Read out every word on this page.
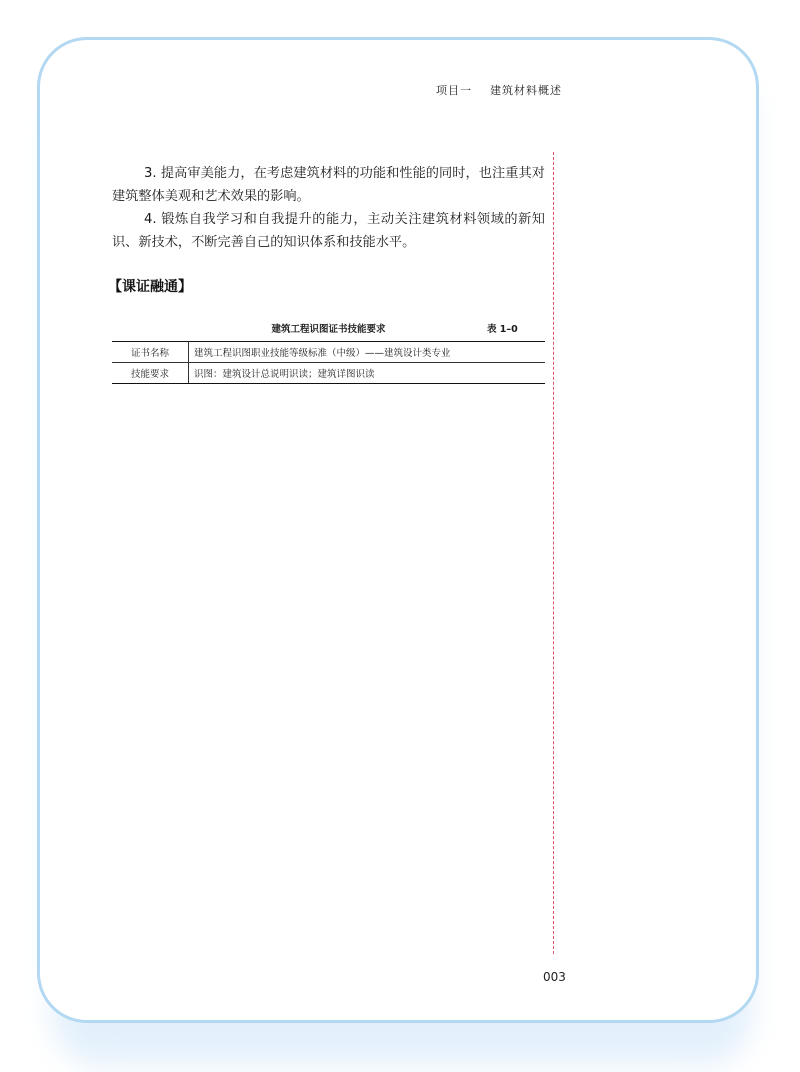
项目一    建筑材料概述

3. 提高审美能力，在考虑建筑材料的功能和性能的同时，也注重其对建筑整体美观和艺术效果的影响。

4. 锻炼自我学习和自我提升的能力，主动关注建筑材料领域的新知识、新技术，不断完善自己的知识体系和技能水平。

【课证融通】
建筑工程识图证书技能要求	表 1–0
证书名称	建筑工程识图职业技能等级标准（中级）——建筑设计类专业
技能要求	识图：建筑设计总说明识读；建筑详图识读
003
